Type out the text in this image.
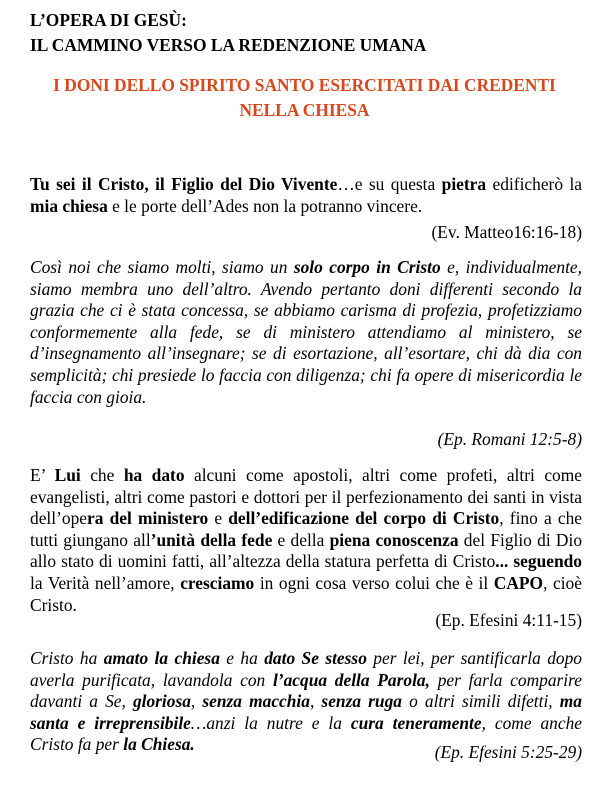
L’OPERA DI GESÙ:
IL CAMMINO VERSO LA REDENZIONE UMANA
I DONI DELLO SPIRITO SANTO ESERCITATI DAI CREDENTI
NELLA CHIESA
Tu sei il Cristo, il Figlio del Dio Vivente…e su questa pietra edificherò la mia chiesa e le porte dell’Ades non la potranno vincere.
(Ev. Matteo16:16-18)
Così noi che siamo molti, siamo un solo corpo in Cristo e, individualmente, siamo membra uno dell’altro. Avendo pertanto doni differenti secondo la grazia che ci è stata concessa, se abbiamo carisma di profezia, profetizziamo conformemente alla fede, se di ministero attendiamo al ministero, se d’insegnamento all’insegnare; se di esortazione, all’esortare, chi dà dia con semplicità; chi presiede lo faccia con diligenza; chi fa opere di misericordia le faccia con gioia.
(Ep. Romani 12:5-8)
E’ Lui che ha dato alcuni come apostoli, altri come profeti, altri come evangelisti, altri come pastori e dottori per il perfezionamento dei santi in vista dell’opera del ministero e dell’edificazione del corpo di Cristo, fino a che tutti giungano all’unità della fede e della piena conoscenza del Figlio di Dio allo stato di uomini fatti, all’altezza della statura perfetta di Cristo... seguendo la Verità nell’amore, cresciamo in ogni cosa verso colui che è il CAPO, cioè Cristo.
(Ep. Efesini 4:11-15)
Cristo ha amato la chiesa e ha dato Se stesso per lei, per santificarla dopo averla purificata, lavandola con l’acqua della Parola, per farla comparire davanti a Se, gloriosa, senza macchia, senza ruga o altri simili difetti, ma santa e irreprensibile…anzi la nutre e la cura teneramente, come anche Cristo fa per la Chiesa.	(Ep. Efesini 5:25-29)
